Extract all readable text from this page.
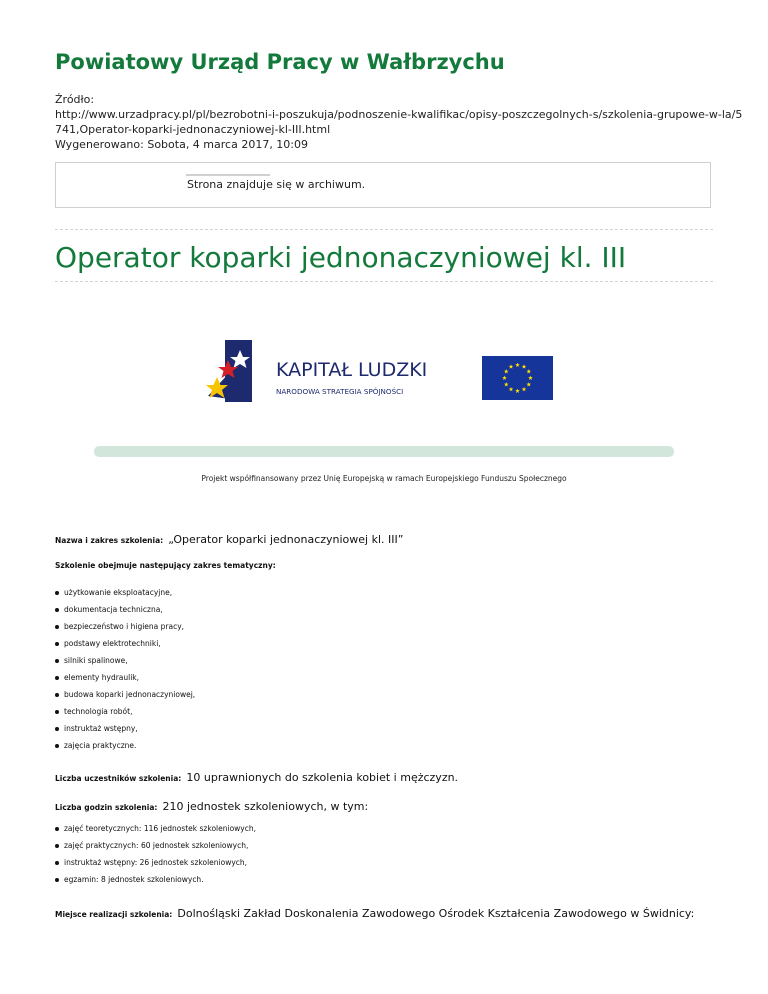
Powiatowy Urząd Pracy w Wałbrzychu
Źródło:
http://www.urzadpracy.pl/pl/bezrobotni-i-poszukuja/podnoszenie-kwalifikac/opisy-poszczegolnych-s/szkolenia-grupowe-w-la/5
741,Operator-koparki-jednonaczyniowej-kl-III.html
Wygenerowano: Sobota, 4 marca 2017, 10:09
Strona znajduje się w archiwum.
Operator koparki jednonaczyniowej kl. III
KAPITAŁ LUDZKI
NARODOWA STRATEGIA SPÓJNOŚCI
Projekt współfinansowany przez Unię Europejską w ramach Europejskiego Funduszu Społecznego
Nazwa i zakres szkolenia: „Operator koparki jednonaczyniowej kl. III”
Szkolenie obejmuje następujący zakres tematyczny:
użytkowanie eksploatacyjne,
dokumentacja techniczna,
bezpieczeństwo i higiena pracy,
podstawy elektrotechniki,
silniki spalinowe,
elementy hydraulik,
budowa koparki jednonaczyniowej,
technologia robót,
instruktaż wstępny,
zajęcia praktyczne.
Liczba uczestników szkolenia: 10 uprawnionych do szkolenia kobiet i mężczyzn.
Liczba godzin szkolenia: 210 jednostek szkoleniowych, w tym:
zajęć teoretycznych: 116 jednostek szkoleniowych,
zajęć praktycznych: 60 jednostek szkoleniowych,
instruktaż wstępny: 26 jednostek szkoleniowych,
egzamin: 8 jednostek szkoleniowych.
Miejsce realizacji szkolenia: Dolnośląski Zakład Doskonalenia Zawodowego Ośrodek Kształcenia Zawodowego w Świdnicy:
